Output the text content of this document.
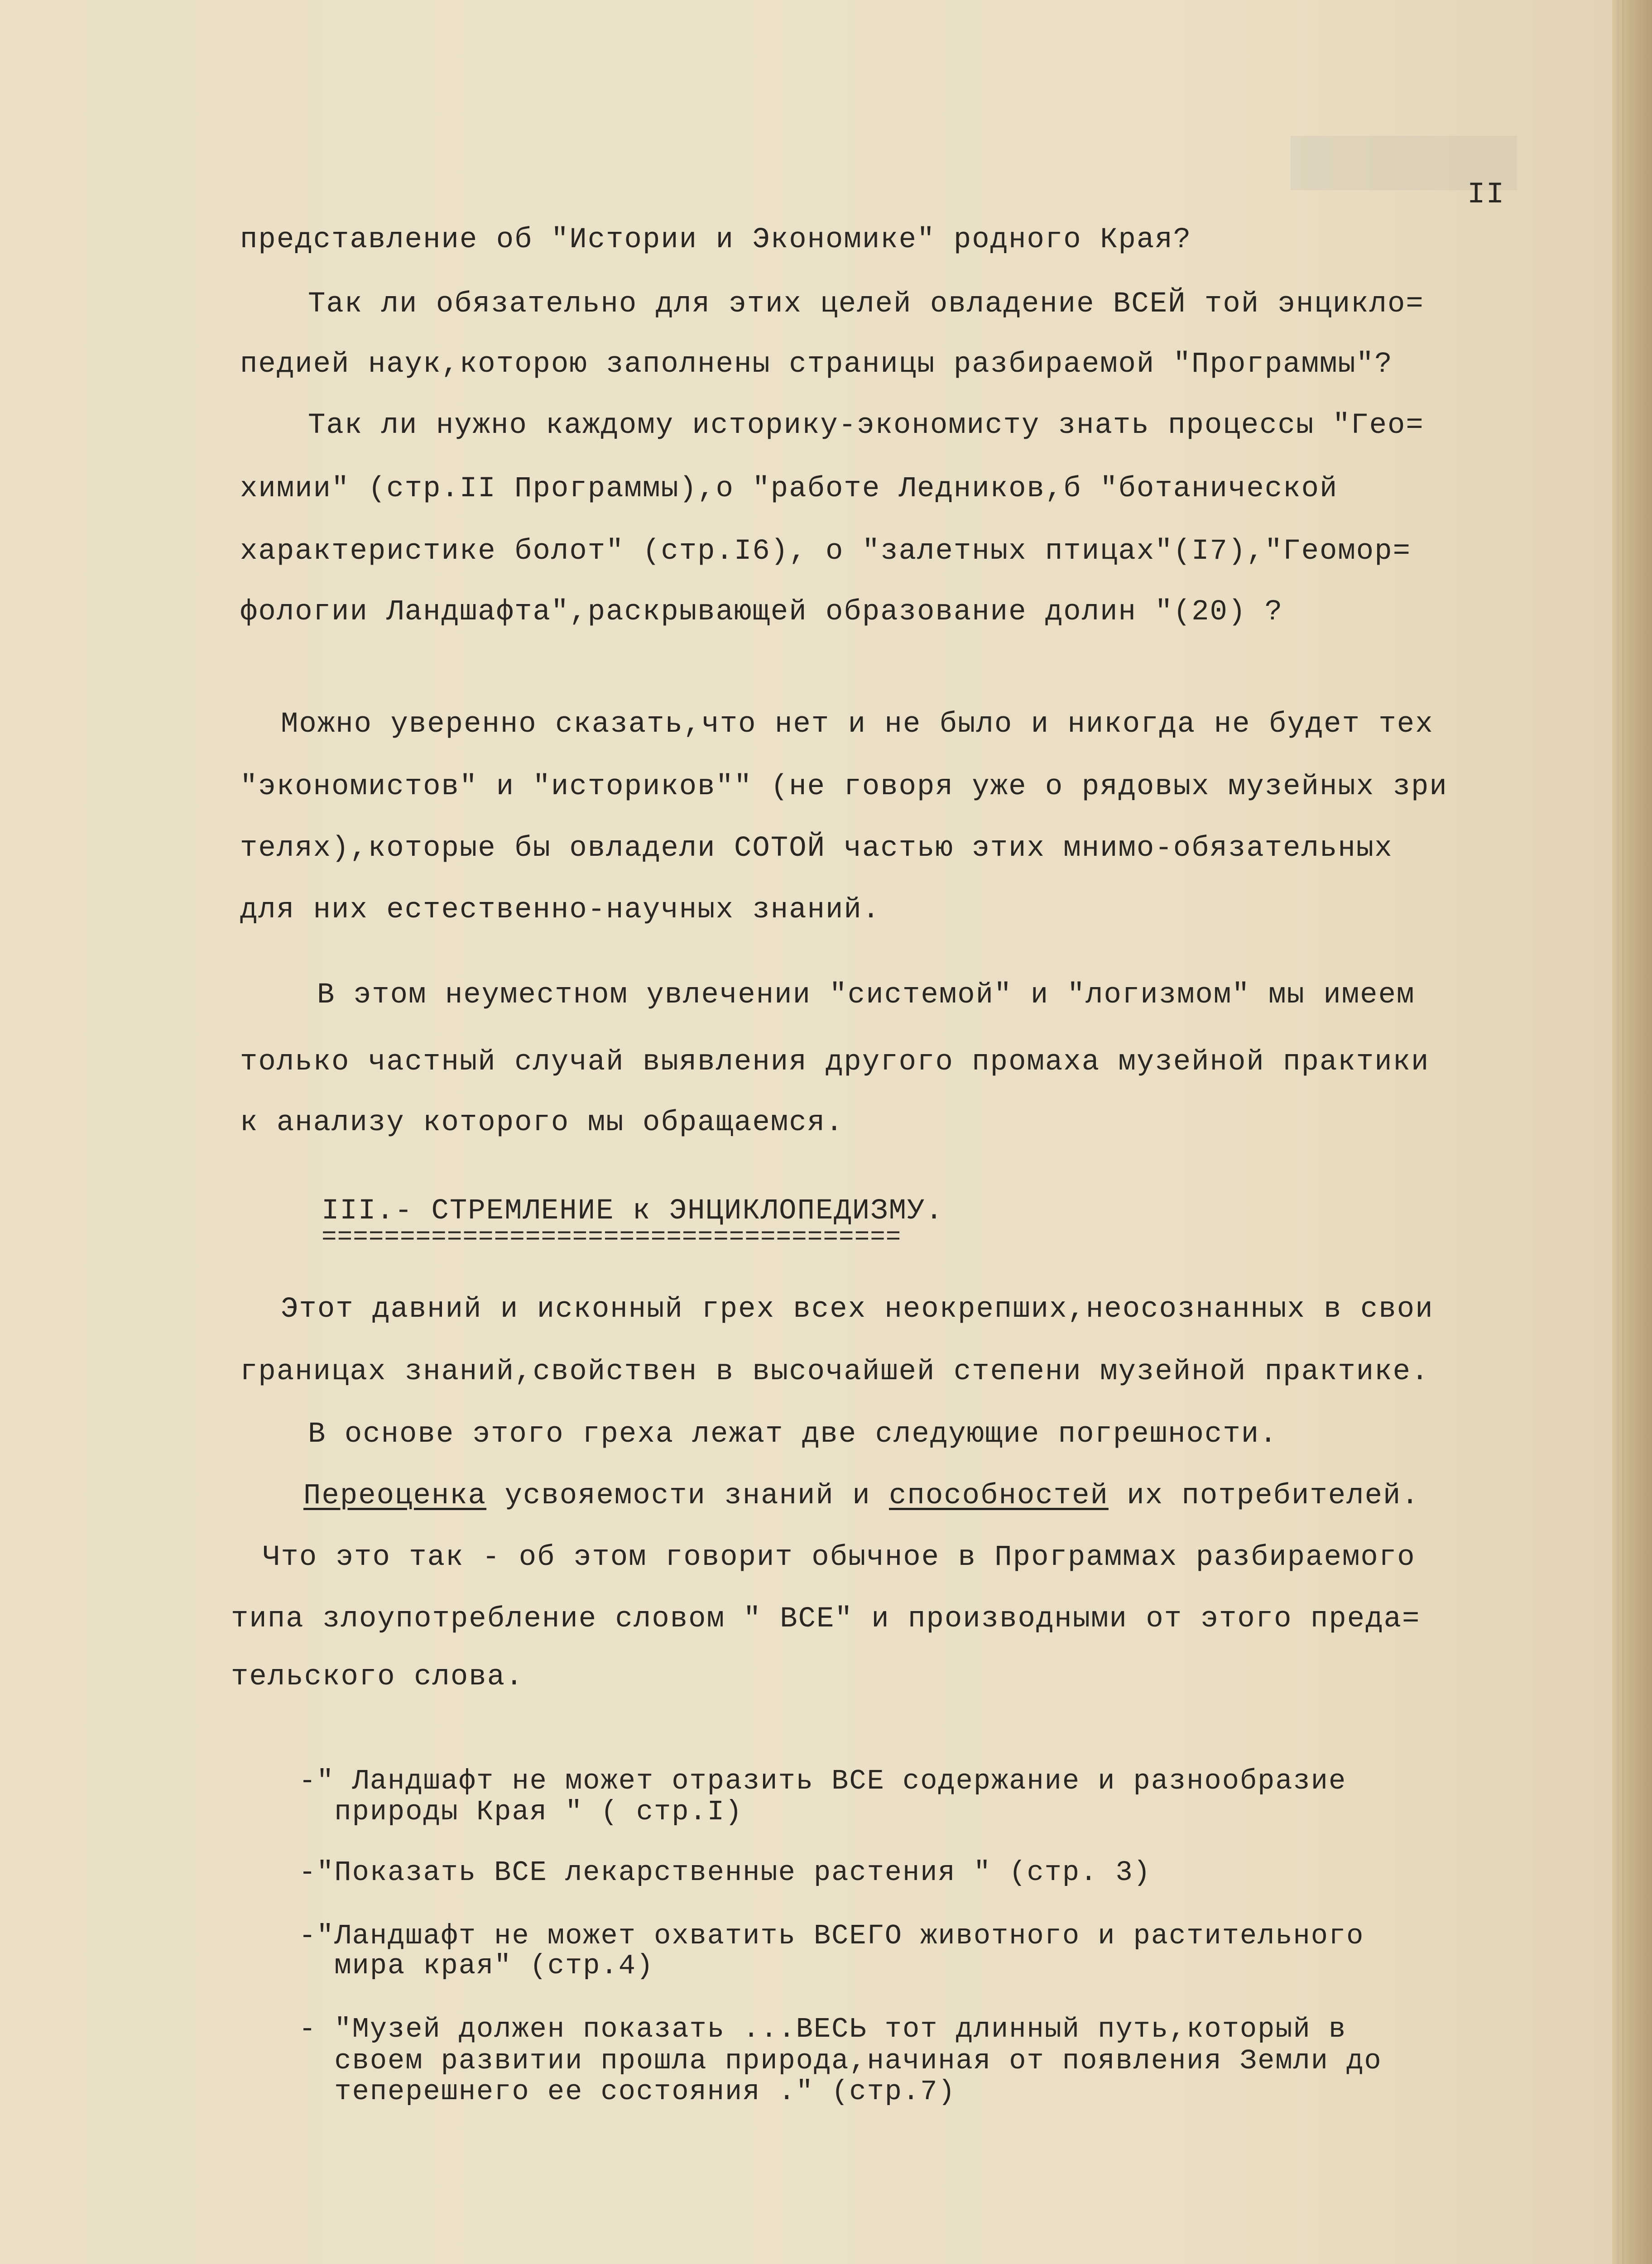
II
представление об "Истории и Экономике" родного Края?
Так ли обязательно для этих целей овладение ВСЕЙ той энцикло=
педией наук,которою заполнены страницы разбираемой "Программы"?
Так ли нужно каждому историку-экономисту знать процессы "Гео=
химии" (стр.II Программы),о "работе Ледников,б "ботанической
характеристике болот" (стр.I6), о "залетных птицах"(I7),"Геомор=
фологии Ландшафта",раскрывающей образование долин "(20) ?
Можно уверенно сказать,что нет и не было и никогда не будет тех
"экономистов" и "историков"" (не говоря уже о рядовых музейных зри
телях),которые бы овладели СОТОЙ частью этих мнимо-обязательных
для них естественно-научных знаний.
В этом неуместном увлечении "системой" и "логизмом" мы имеем
только частный случай выявления другого промаха музейной практики
к анализу которого мы обращаемся.
III.- СТРЕМЛЕНИЕ к ЭНЦИКЛОПЕДИЗМУ.
=====================================
Этот давний и исконный грех всех неокрепших,неосознанных в свои
границах знаний,свойствен в высочайшей степени музейной практике.
В основе этого греха лежат две следующие погрешности.
Переоценка усвояемости знаний и способностей их потребителей.
Что это так - об этом говорит обычное в Программах разбираемого
типа злоупотребление словом " ВСЕ" и производными от этого преда=
тельского слова.
-" Ландшафт не может отразить ВСЕ содержание и разнообразие
природы Края " ( стр.I)
-"Показать ВСЕ лекарственные растения " (стр. 3)
-"Ландшафт не может охватить ВСЕГО животного и растительного
мира края" (стр.4)
- "Музей должен показать ...ВЕСЬ тот длинный путь,который в
своем развитии прошла природа,начиная от появления Земли до
теперешнего ее состояния ." (стр.7)
